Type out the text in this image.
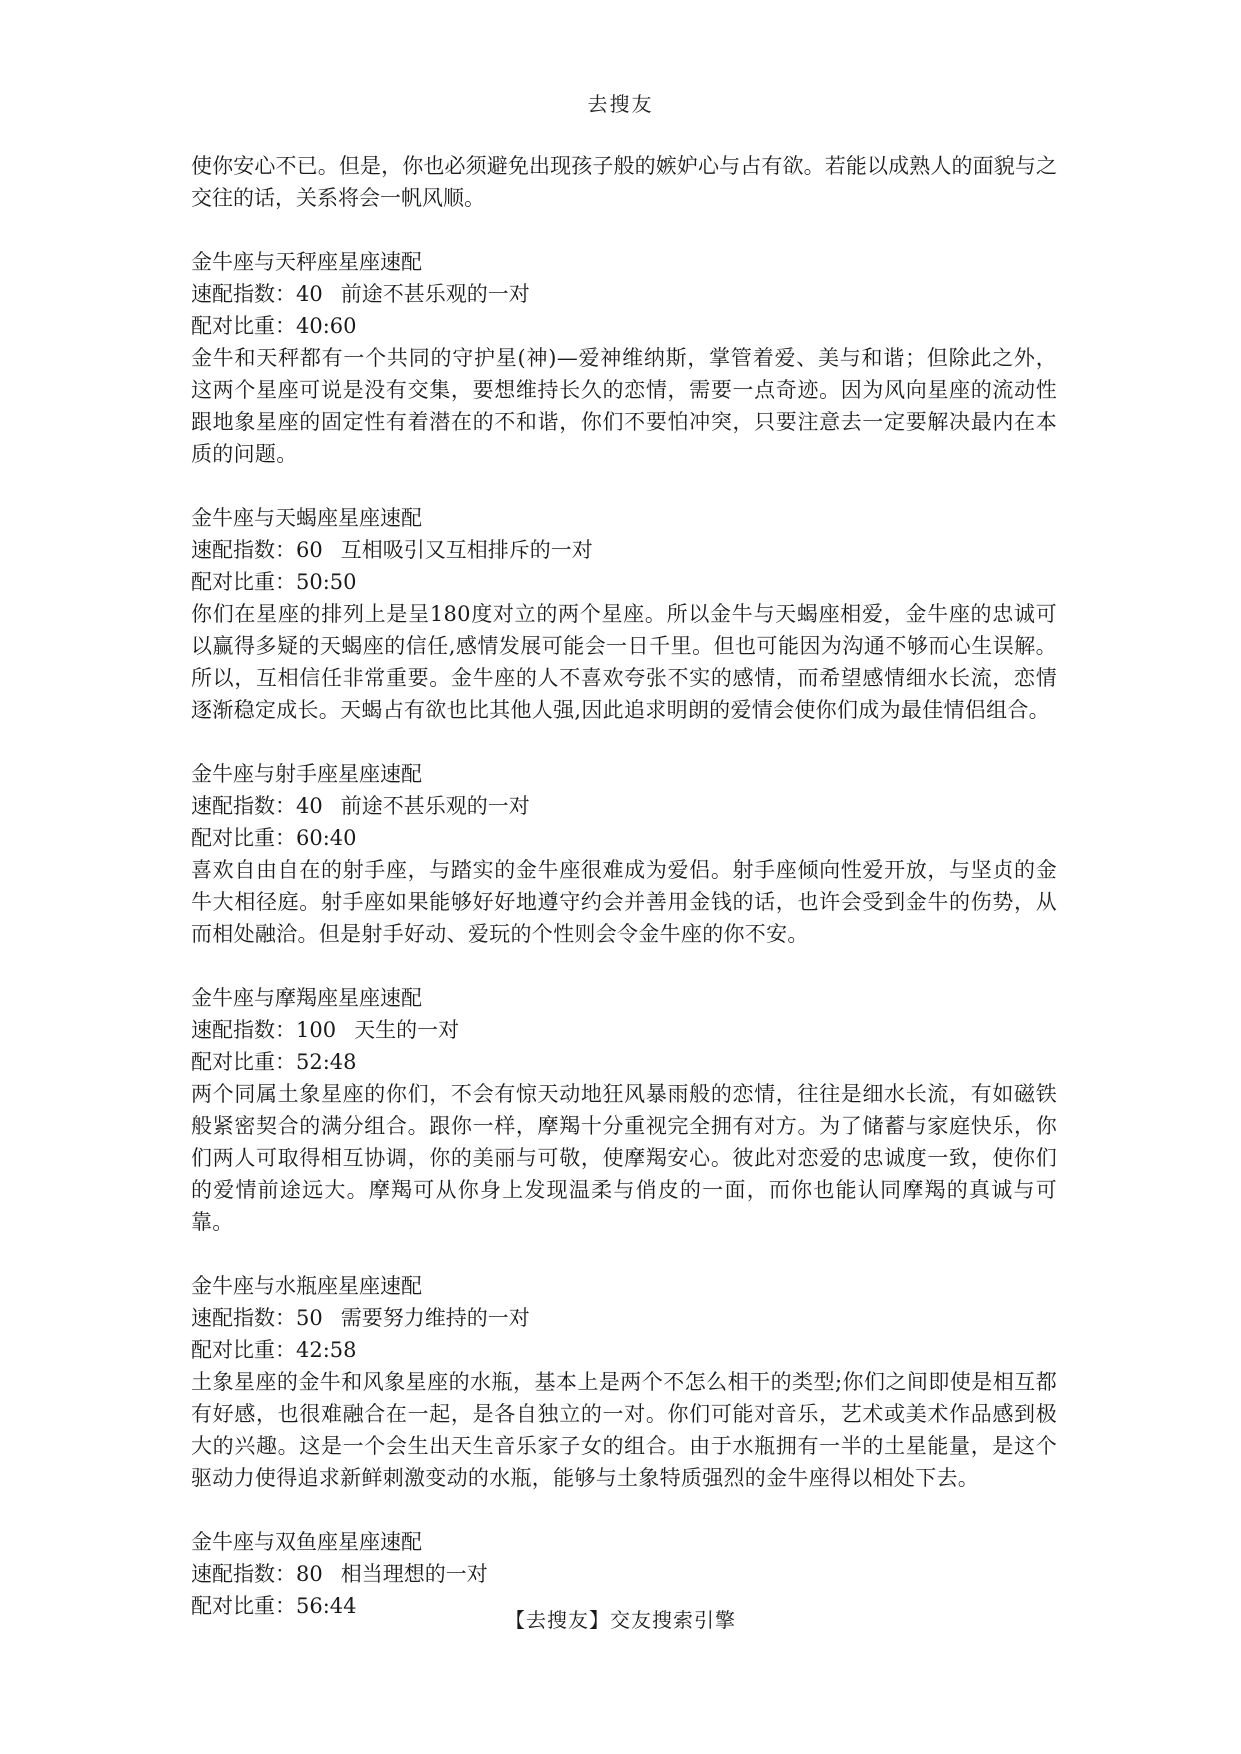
去搜友

使你安心不已。但是，你也必须避免出现孩子般的嫉妒心与占有欲。若能以成熟人的面貌与之交往的话，关系将会一帆风顺。

金牛座与天秤座星座速配

速配指数：40 前途不甚乐观的一对

配对比重：40:60

金牛和天秤都有一个共同的守护星(神)—爱神维纳斯，掌管着爱、美与和谐；但除此之外，这两个星座可说是没有交集，要想维持长久的恋情，需要一点奇迹。因为风向星座的流动性跟地象星座的固定性有着潜在的不和谐，你们不要怕冲突，只要注意去一定要解决最内在本质的问题。

金牛座与天蝎座星座速配

速配指数：60 互相吸引又互相排斥的一对

配对比重：50:50

你们在星座的排列上是呈180度对立的两个星座。所以金牛与天蝎座相爱，金牛座的忠诚可以赢得多疑的天蝎座的信任,感情发展可能会一日千里。但也可能因为沟通不够而心生误解。所以，互相信任非常重要。金牛座的人不喜欢夸张不实的感情，而希望感情细水长流，恋情逐渐稳定成长。天蝎占有欲也比其他人强,因此追求明朗的爱情会使你们成为最佳情侣组合。

金牛座与射手座星座速配

速配指数：40 前途不甚乐观的一对

配对比重：60:40

喜欢自由自在的射手座，与踏实的金牛座很难成为爱侣。射手座倾向性爱开放，与坚贞的金牛大相径庭。射手座如果能够好好地遵守约会并善用金钱的话，也许会受到金牛的伤势，从而相处融洽。但是射手好动、爱玩的个性则会令金牛座的你不安。

金牛座与摩羯座星座速配

速配指数：100 天生的一对

配对比重：52:48

两个同属土象星座的你们，不会有惊天动地狂风暴雨般的恋情，往往是细水长流，有如磁铁般紧密契合的满分组合。跟你一样，摩羯十分重视完全拥有对方。为了储蓄与家庭快乐，你们两人可取得相互协调，你的美丽与可敬，使摩羯安心。彼此对恋爱的忠诚度一致，使你们的爱情前途远大。摩羯可从你身上发现温柔与俏皮的一面，而你也能认同摩羯的真诚与可靠。

金牛座与水瓶座星座速配

速配指数：50 需要努力维持的一对

配对比重：42:58

土象星座的金牛和风象星座的水瓶，基本上是两个不怎么相干的类型;你们之间即使是相互都有好感，也很难融合在一起，是各自独立的一对。你们可能对音乐，艺术或美术作品感到极大的兴趣。这是一个会生出天生音乐家子女的组合。由于水瓶拥有一半的土星能量，是这个驱动力使得追求新鲜刺激变动的水瓶，能够与土象特质强烈的金牛座得以相处下去。

金牛座与双鱼座星座速配

速配指数：80 相当理想的一对

配对比重：56:44

【去搜友】交友搜索引擎
